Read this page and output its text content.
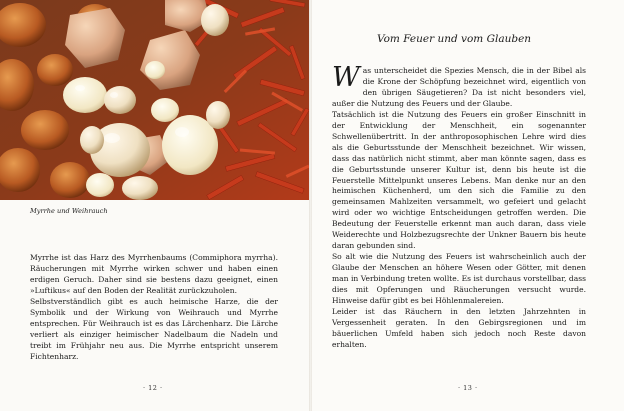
Myrrhe und Weihrauch

Myrrhe ist das Harz des Myrrhenbaums (Commiphora myrrha). Räucherungen mit Myrrhe wirken schwer und haben einen erdigen Geruch. Daher sind sie bestens dazu geeignet, einen »Luftikus« auf den Boden der Realität zurückzuholen.

Selbstverständlich gibt es auch heimische Harze, die der Symbolik und der Wirkung von Weihrauch und Myrrhe entsprechen. Für Weihrauch ist es das Lärchenharz. Die Lärche verliert als einziger heimischer Nadelbaum die Nadeln und treibt im Frühjahr neu aus. Die Myrrhe entspricht unserem Fichtenharz.

· 12 ·
Vom Feuer und vom Glauben

Was unterscheidet die Spezies Mensch, die in der Bibel als die Krone der Schöpfung bezeichnet wird, eigentlich von den übrigen Säugetieren? Da ist nicht besonders viel, außer die Nutzung des Feuers und der Glaube.

Tatsächlich ist die Nutzung des Feuers ein großer Einschnitt in der Entwicklung der Menschheit, ein sogenannter Schwellenübertritt. In der anthroposophischen Lehre wird dies als die Geburtsstunde der Menschheit bezeichnet. Wir wissen, dass das natürlich nicht stimmt, aber man könnte sagen, dass es die Geburtsstunde unserer Kultur ist, denn bis heute ist die Feuerstelle Mittelpunkt unseres Lebens. Man denke nur an den heimischen Küchenherd, um den sich die Familie zu den gemeinsamen Mahlzeiten versammelt, wo gefeiert und gelacht wird oder wo wichtige Entscheidungen getroffen werden. Die Bedeutung der Feuerstelle erkennt man auch daran, dass viele Weiderechte und Holzbezugsrechte der Unkner Bauern bis heute daran gebunden sind.

So alt wie die Nutzung des Feuers ist wahrscheinlich auch der Glaube der Menschen an höhere Wesen oder Götter, mit denen man in Verbindung treten wollte. Es ist durchaus vorstellbar, dass dies mit Opferungen und Räucherungen versucht wurde. Hinweise dafür gibt es bei Höhlenmalereien.

Leider ist das Räuchern in den letzten Jahrzehnten in Vergessenheit geraten. In den Gebirgsregionen und im bäuerlichen Umfeld haben sich jedoch noch Reste davon erhalten.

· 13 ·
